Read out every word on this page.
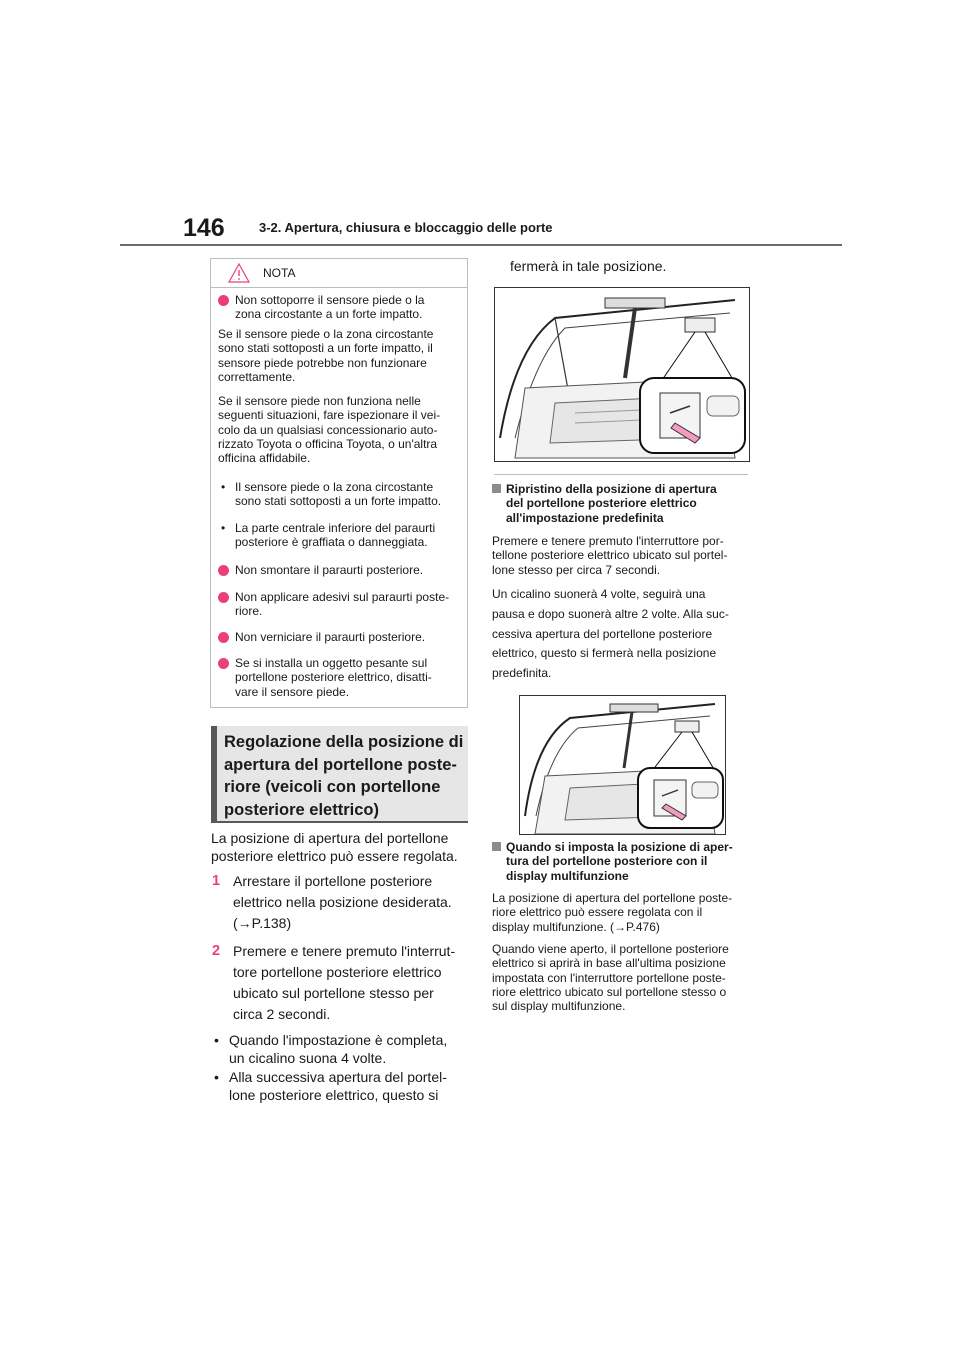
146	3-2. Apertura, chiusura e bloccaggio delle porte
NOTA
Non sottoporre il sensore piede o la
zona circostante a un forte impatto.
Se il sensore piede o la zona circostante
sono stati sottoposti a un forte impatto, il
sensore piede potrebbe non funzionare
correttamente.
Se il sensore piede non funziona nelle
seguenti situazioni, fare ispezionare il vei-
colo da un qualsiasi concessionario auto-
rizzato Toyota o officina Toyota, o un'altra
officina affidabile.
• Il sensore piede o la zona circostante
sono stati sottoposti a un forte impatto.
• La parte centrale inferiore del paraurti
posteriore è graffiata o danneggiata.
Non smontare il paraurti posteriore.
Non applicare adesivi sul paraurti poste-
riore.
Non verniciare il paraurti posteriore.
Se si installa un oggetto pesante sul
portellone posteriore elettrico, disatti-
vare il sensore piede.
Regolazione della posizione di
apertura del portellone poste-
riore (veicoli con portellone
posteriore elettrico)
La posizione di apertura del portellone
posteriore elettrico può essere regolata.
1 Arrestare il portellone posteriore
elettrico nella posizione desiderata.
(→P.138)
2 Premere e tenere premuto l'interrut-
tore portellone posteriore elettrico
ubicato sul portellone stesso per
circa 2 secondi.
• Quando l'impostazione è completa,
un cicalino suona 4 volte.
• Alla successiva apertura del portel-
lone posteriore elettrico, questo si
fermerà in tale posizione.
Ripristino della posizione di apertura
del portellone posteriore elettrico
all'impostazione predefinita
Premere e tenere premuto l'interruttore por-
tellone posteriore elettrico ubicato sul portel-
lone stesso per circa 7 secondi.
Un cicalino suonerà 4 volte, seguirà una
pausa e dopo suonerà altre 2 volte. Alla suc-
cessiva apertura del portellone posteriore
elettrico, questo si fermerà nella posizione
predefinita.
Quando si imposta la posizione di aper-
tura del portellone posteriore con il
display multifunzione
La posizione di apertura del portellone poste-
riore elettrico può essere regolata con il
display multifunzione. (→P.476)
Quando viene aperto, il portellone posteriore
elettrico si aprirà in base all'ultima posizione
impostata con l'interruttore portellone poste-
riore elettrico ubicato sul portellone stesso o
sul display multifunzione.
